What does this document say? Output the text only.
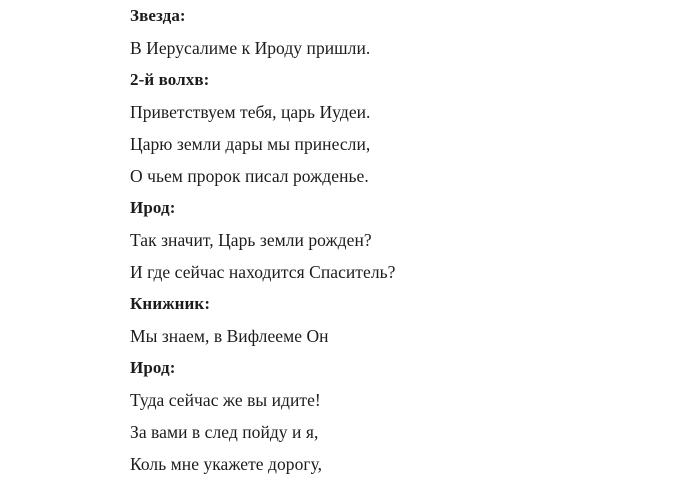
Звезда:
В Иерусалиме к Ироду пришли.
2-й волхв:
Приветствуем тебя, царь Иудеи.
Царю земли дары мы принесли,
О чьем пророк писал рожденье.
Ирод:
Так значит, Царь земли рожден?
И где сейчас находится Спаситель?
Книжник:
Мы знаем, в Вифлееме Он
Ирод:
Туда сейчас же вы идите!
За вами в след пойду и я,
Коль мне укажете дорогу,
